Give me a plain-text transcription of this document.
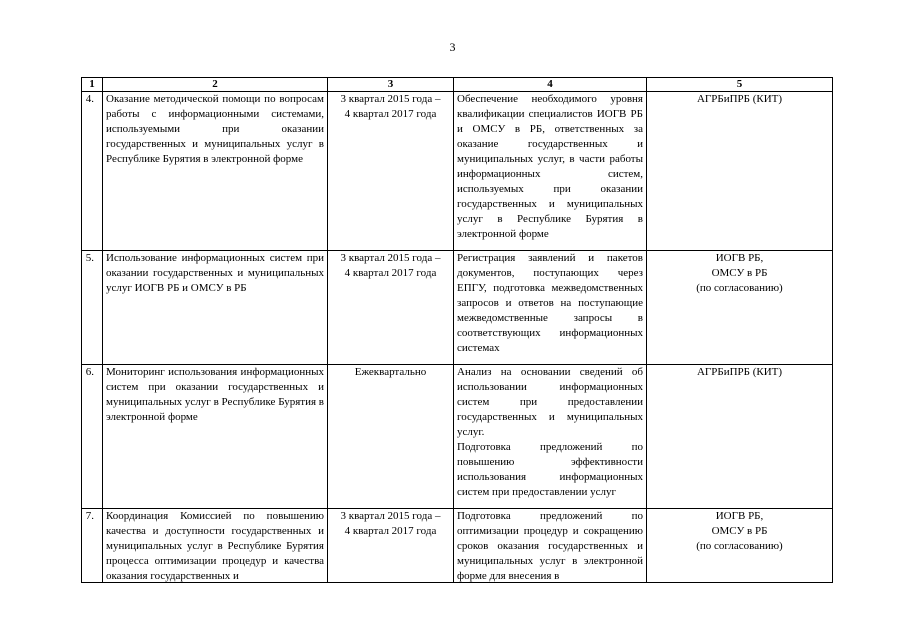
3
1	2	3	4	5
4.	Оказание методической помощи по вопросам работы с информационными системами, используемыми при оказании государственных и муниципальных услуг в Республике Бурятия в электронной форме	3 квартал 2015 года –
4 квартал 2017 года	Обеспечение необходимого уровня квалификации специалистов ИОГВ РБ и ОМСУ в РБ, ответственных за оказание государственных и муниципальных услуг, в части работы информационных систем, используемых при оказании государственных и муниципальных услуг в Республике Бурятия в электронной форме	АГРБиПРБ (КИТ)
5.	Использование информационных систем при оказании государственных и муниципальных услуг ИОГВ РБ и ОМСУ в РБ	3 квартал 2015 года –
4 квартал 2017 года	Регистрация заявлений и пакетов документов, поступающих через ЕПГУ, подготовка межведомственных запросов и ответов на поступающие межведомственные запросы в соответствующих информационных системах	ИОГВ РБ,
ОМСУ в РБ
(по согласованию)
6.	Мониторинг использования информационных систем при оказании государственных и муниципальных услуг в Республике Бурятия в электронной форме	Ежеквартально	Анализ на основании сведений об использовании информационных систем при предоставлении государственных и муниципальных услуг.
Подготовка предложений по повышению эффективности использования информационных систем при предоставлении услуг	АГРБиПРБ (КИТ)
7.	Координация Комиссией по повышению качества и доступности государственных и муниципальных услуг в Республике Бурятия процесса оптимизации процедур и качества оказания государственных и	3 квартал 2015 года –
4 квартал 2017 года	Подготовка предложений по оптимизации процедур и сокращению сроков оказания государственных и муниципальных услуг в электронной форме для внесения в	ИОГВ РБ,
ОМСУ в РБ
(по согласованию)
